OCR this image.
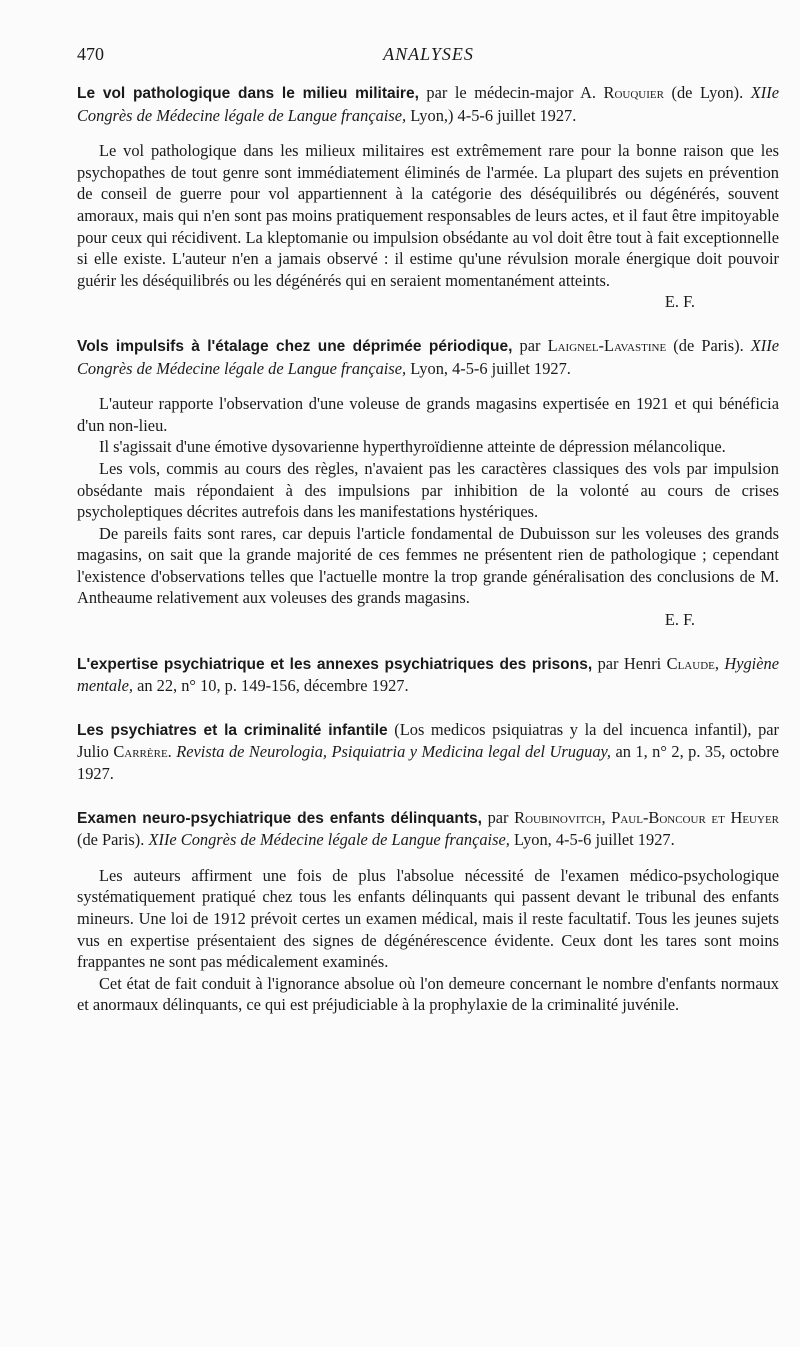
470	ANALYSES
Le vol pathologique dans le milieu militaire, par le médecin-major A. Rouquier (de Lyon). XIIe Congrès de Médecine légale de Langue française, Lyon,) 4-5-6 juillet 1927.

Le vol pathologique dans les milieux militaires est extrêmement rare pour la bonne raison que les psychopathes de tout genre sont immédiatement éliminés de l'armée. La plupart des sujets en prévention de conseil de guerre pour vol appartiennent à la catégorie des déséquilibrés ou dégénérés, souvent amoraux, mais qui n'en sont pas moins pratiquement responsables de leurs actes, et il faut être impitoyable pour ceux qui récidivent. La kleptomanie ou impulsion obsédante au vol doit être tout à fait exceptionnelle si elle existe. L'auteur n'en a jamais observé : il estime qu'une révulsion morale énergique doit pouvoir guérir les déséquilibrés ou les dégénérés qui en seraient momentanément atteints.

E. F.
Vols impulsifs à l'étalage chez une déprimée périodique, par Laignel-Lavastine (de Paris). XIIe Congrès de Médecine légale de Langue française, Lyon, 4-5-6 juillet 1927.

L'auteur rapporte l'observation d'une voleuse de grands magasins expertisée en 1921 et qui bénéficia d'un non-lieu.

Il s'agissait d'une émotive dysovarienne hyperthyroïdienne atteinte de dépression mélancolique.

Les vols, commis au cours des règles, n'avaient pas les caractères classiques des vols par impulsion obsédante mais répondaient à des impulsions par inhibition de la volonté au cours de crises psycholeptiques décrites autrefois dans les manifestations hystériques.

De pareils faits sont rares, car depuis l'article fondamental de Dubuisson sur les voleuses des grands magasins, on sait que la grande majorité de ces femmes ne présentent rien de pathologique ; cependant l'existence d'observations telles que l'actuelle montre la trop grande généralisation des conclusions de M. Antheaume relativement aux voleuses des grands magasins.

E. F.
L'expertise psychiatrique et les annexes psychiatriques des prisons, par Henri Claude, Hygiène mentale, an 22, n° 10, p. 149-156, décembre 1927.
Les psychiatres et la criminalité infantile (Los medicos psiquiatras y la del incuenca infantil), par Julio Carrère. Revista de Neurologia, Psiquiatria y Medicina legal del Uruguay, an 1, n° 2, p. 35, octobre 1927.
Examen neuro-psychiatrique des enfants délinquants, par Roubinovitch, Paul-Boncour et Heuyer (de Paris). XIIe Congrès de Médecine légale de Langue française, Lyon, 4-5-6 juillet 1927.

Les auteurs affirment une fois de plus l'absolue nécessité de l'examen médico-psychologique systématiquement pratiqué chez tous les enfants délinquants qui passent devant le tribunal des enfants mineurs. Une loi de 1912 prévoit certes un examen médical, mais il reste facultatif. Tous les jeunes sujets vus en expertise présentaient des signes de dégénérescence évidente. Ceux dont les tares sont moins frappantes ne sont pas médicalement examinés.

Cet état de fait conduit à l'ignorance absolue où l'on demeure concernant le nombre d'enfants normaux et anormaux délinquants, ce qui est préjudiciable à la prophylaxie de la criminalité juvénile.
